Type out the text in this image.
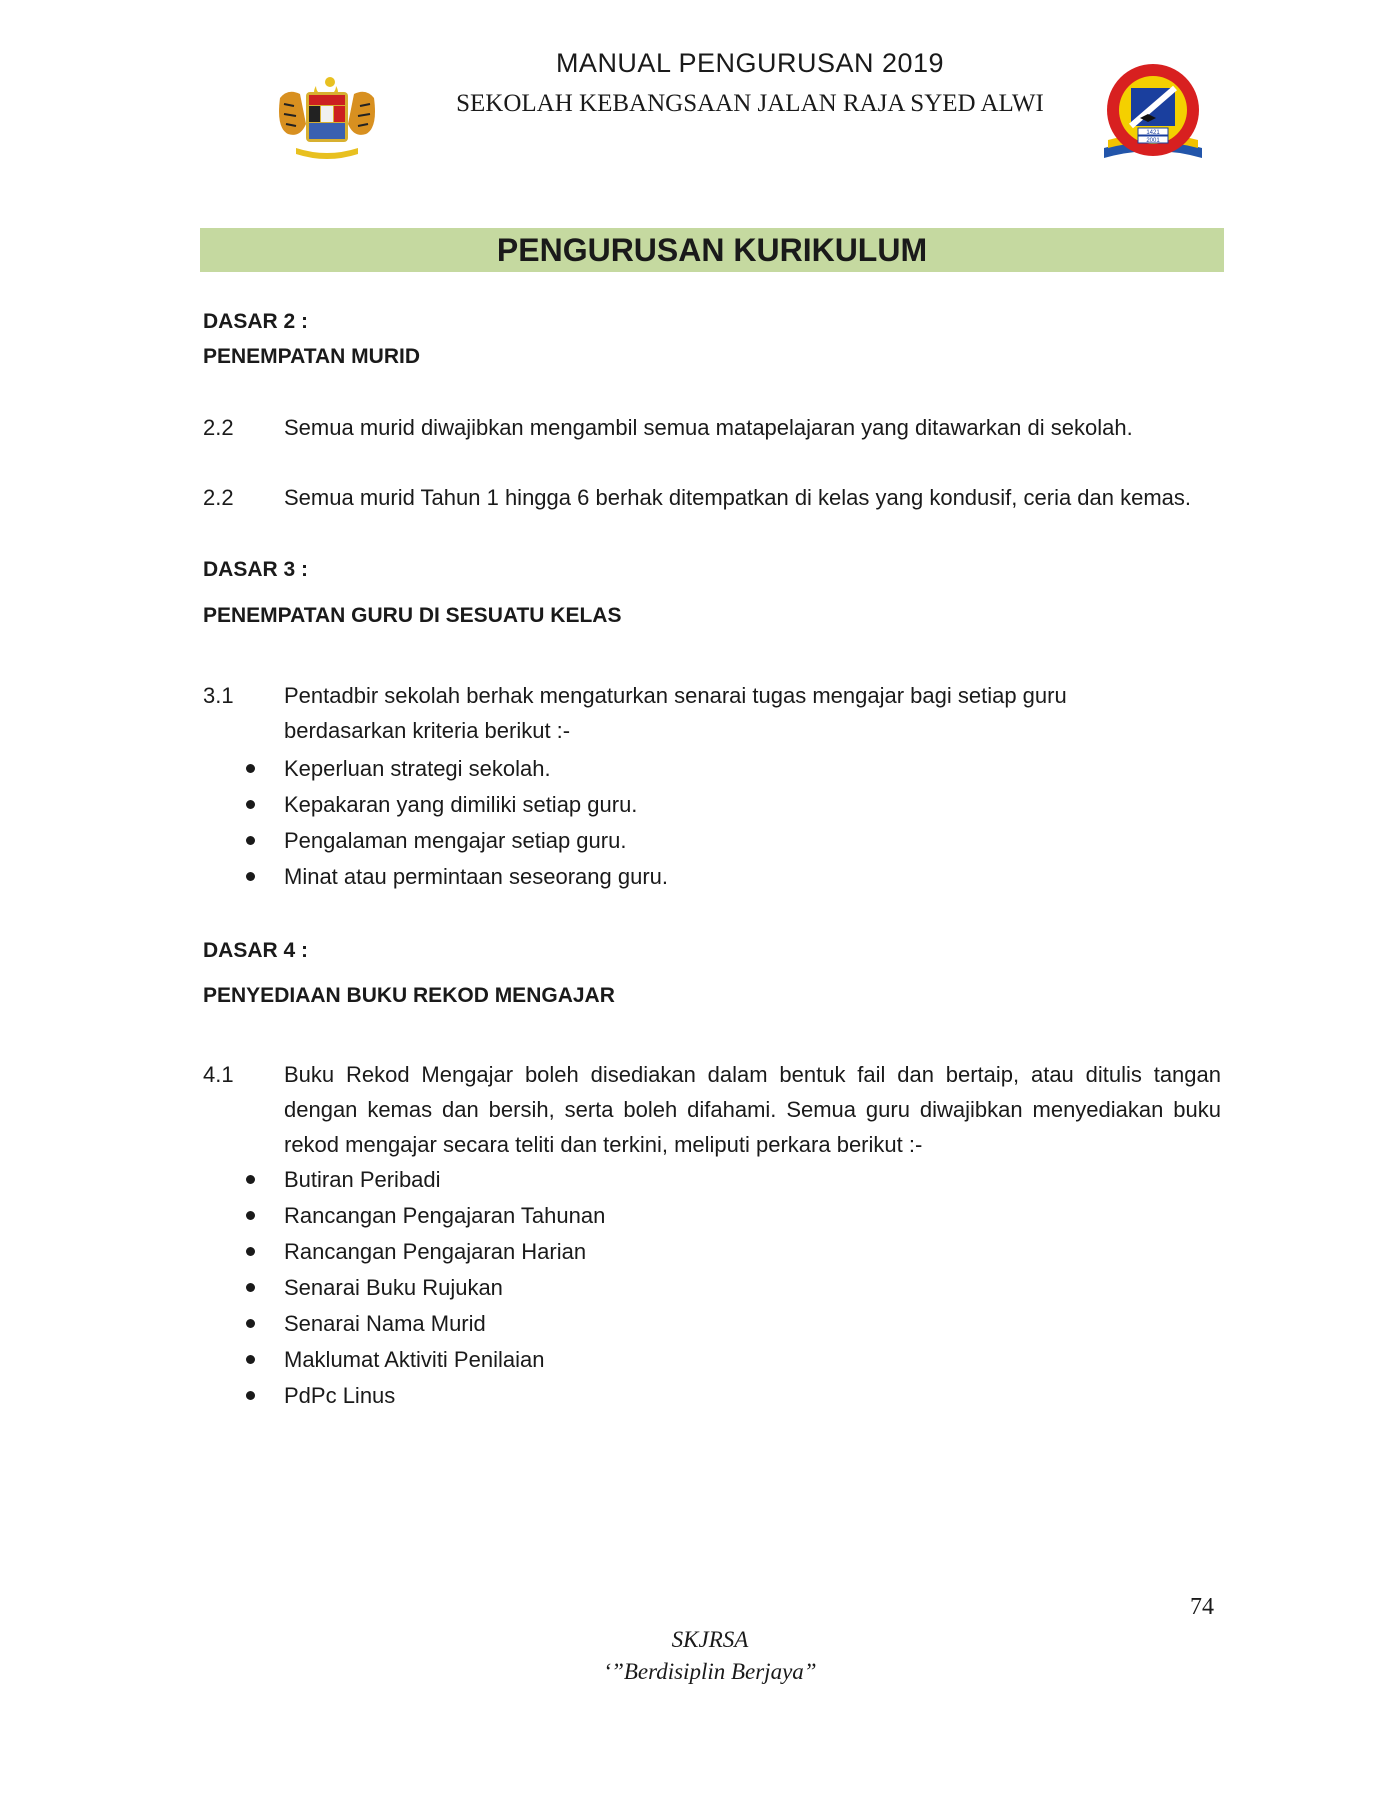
MANUAL PENGURUSAN 2019
SEKOLAH KEBANGSAAN JALAN RAJA SYED ALWI
1421
2001
PENGURUSAN KURIKULUM
DASAR 2 :
PENEMPATAN MURID
2.2 Semua murid diwajibkan mengambil semua matapelajaran yang ditawarkan di sekolah.
2.2 Semua murid Tahun 1 hingga 6 berhak ditempatkan di kelas yang kondusif, ceria dan kemas.
DASAR 3 :
PENEMPATAN GURU DI SESUATU KELAS
3.1 Pentadbir sekolah berhak mengaturkan senarai tugas mengajar bagi setiap guru berdasarkan kriteria berikut :-
Keperluan strategi sekolah.
Kepakaran yang dimiliki setiap guru.
Pengalaman mengajar setiap guru.
Minat atau permintaan seseorang guru.
DASAR 4 :
PENYEDIAAN BUKU REKOD MENGAJAR
4.1 Buku Rekod Mengajar boleh disediakan dalam bentuk fail dan bertaip, atau ditulis tangan dengan kemas dan bersih, serta boleh difahami. Semua guru diwajibkan menyediakan buku rekod mengajar secara teliti dan terkini, meliputi perkara berikut :-
Butiran Peribadi
Rancangan Pengajaran Tahunan
Rancangan Pengajaran Harian
Senarai Buku Rujukan
Senarai Nama Murid
Maklumat Aktiviti Penilaian
PdPc Linus
74
SKJRSA
‘”Berdisiplin Berjaya”
